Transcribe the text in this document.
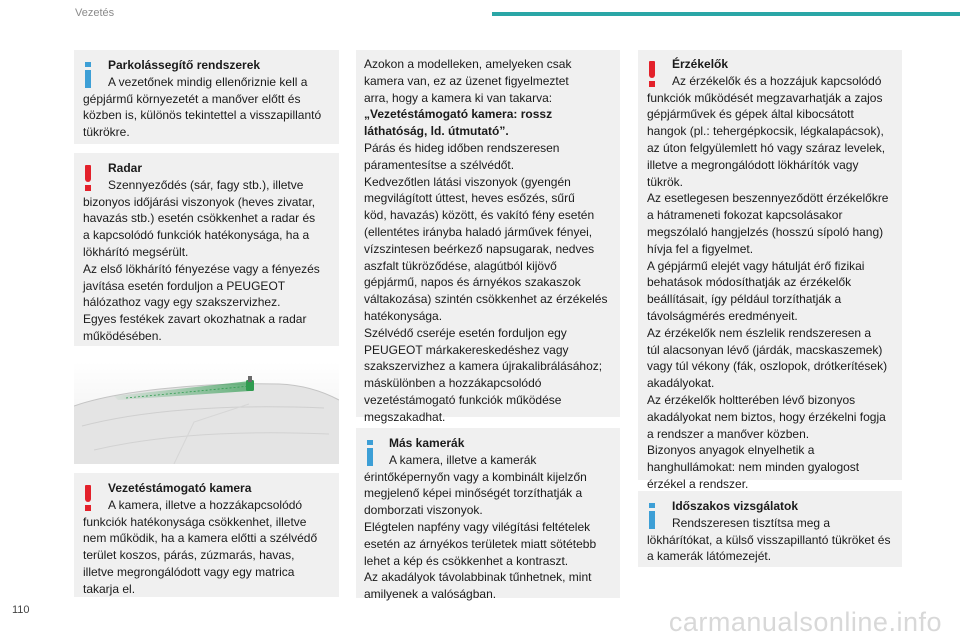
Vezetés

Parkolássegítő rendszerek

A vezetőnek mindig ellenőriznie kell a

gépjármű környezetét a manőver előtt és

közben is, különös tekintettel a visszapillantó

tükrökre.

Radar

Szennyeződés (sár, fagy stb.), illetve

bizonyos időjárási viszonyok (heves zivatar,

havazás stb.) esetén csökkenhet a radar és

a kapcsolódó funkciók hatékonysága, ha a

lökhárító megsérült.

Az első lökhárító fényezése vagy a fényezés

javítása esetén forduljon a PEUGEOT

hálózathoz vagy egy szakszervizhez.

Egyes festékek zavart okozhatnak a radar

működésében.

Vezetéstámogató kamera

A kamera, illetve a hozzákapcsolódó

funkciók hatékonysága csökkenhet, illetve

nem működik, ha a kamera előtti a szélvédő

terület koszos, párás, zúzmarás, havas,

illetve megrongálódott vagy egy matrica

takarja el.

Azokon a modelleken, amelyeken csak

kamera van, ez az üzenet figyelmeztet

arra, hogy a kamera ki van takarva:

„Vezetéstámogató kamera: rossz

láthatóság, ld. útmutató”.

Párás és hideg időben rendszeresen

páramentesítse a szélvédőt.

Kedvezőtlen látási viszonyok (gyengén

megvilágított úttest, heves esőzés, sűrű

köd, havazás) között, és vakító fény esetén

(ellentétes irányba haladó járművek fényei,

vízszintesen beérkező napsugarak, nedves

aszfalt tükröződése, alagútból kijövő

gépjármű, napos és árnyékos szakaszok

váltakozása) szintén csökkenhet az érzékelés

hatékonysága.

Szélvédő cseréje esetén forduljon egy

PEUGEOT márkakereskedéshez vagy

szakszervizhez a kamera újrakalibrálásához;

máskülönben a hozzákapcsolódó

vezetéstámogató funkciók működése

megszakadhat.

Más kamerák

A kamera, illetve a kamerák

érintőképernyőn vagy a kombinált kijelzőn

megjelenő képei minőségét torzíthatják a

domborzati viszonyok.

Elégtelen napfény vagy vilégítási feltételek

esetén az árnyékos területek miatt sötétebb

lehet a kép és csökkenhet a kontraszt.

Az akadályok távolabbinak tűnhetnek, mint

amilyenek a valóságban.

Érzékelők

Az érzékelők és a hozzájuk kapcsolódó

funkciók működését megzavarhatják a zajos

gépjárművek és gépek által kibocsátott

hangok (pl.: tehergépkocsik, légkalapácsok),

az úton felgyülemlett hó vagy száraz levelek,

illetve a megrongálódott lökhárítók vagy

tükrök.

Az esetlegesen beszennyeződött érzékelőkre

a hátrameneti fokozat kapcsolásakor

megszólaló hangjelzés (hosszú sípoló hang)

hívja fel a figyelmet.

A gépjármű elejét vagy hátulját érő fizikai

behatások módosíthatják az érzékelők

beállításait, így például torzíthatják a

távolságmérés eredményeit.

Az érzékelők nem észlelik rendszeresen a

túl alacsonyan lévő (járdák, macskaszemek)

vagy túl vékony (fák, oszlopok, drótkerítések)

akadályokat.

Az érzékelők holtterében lévő bizonyos

akadályokat nem biztos, hogy érzékelni fogja

a rendszer a manőver közben.

Bizonyos anyagok elnyelhetik a

hanghullámokat: nem minden gyalogost

érzékel a rendszer.

Időszakos vizsgálatok

Rendszeresen tisztítsa meg a

lökhárítókat, a külső visszapillantó tükröket és

a kamerák látómezejét.

110	carmanualsonline.info
